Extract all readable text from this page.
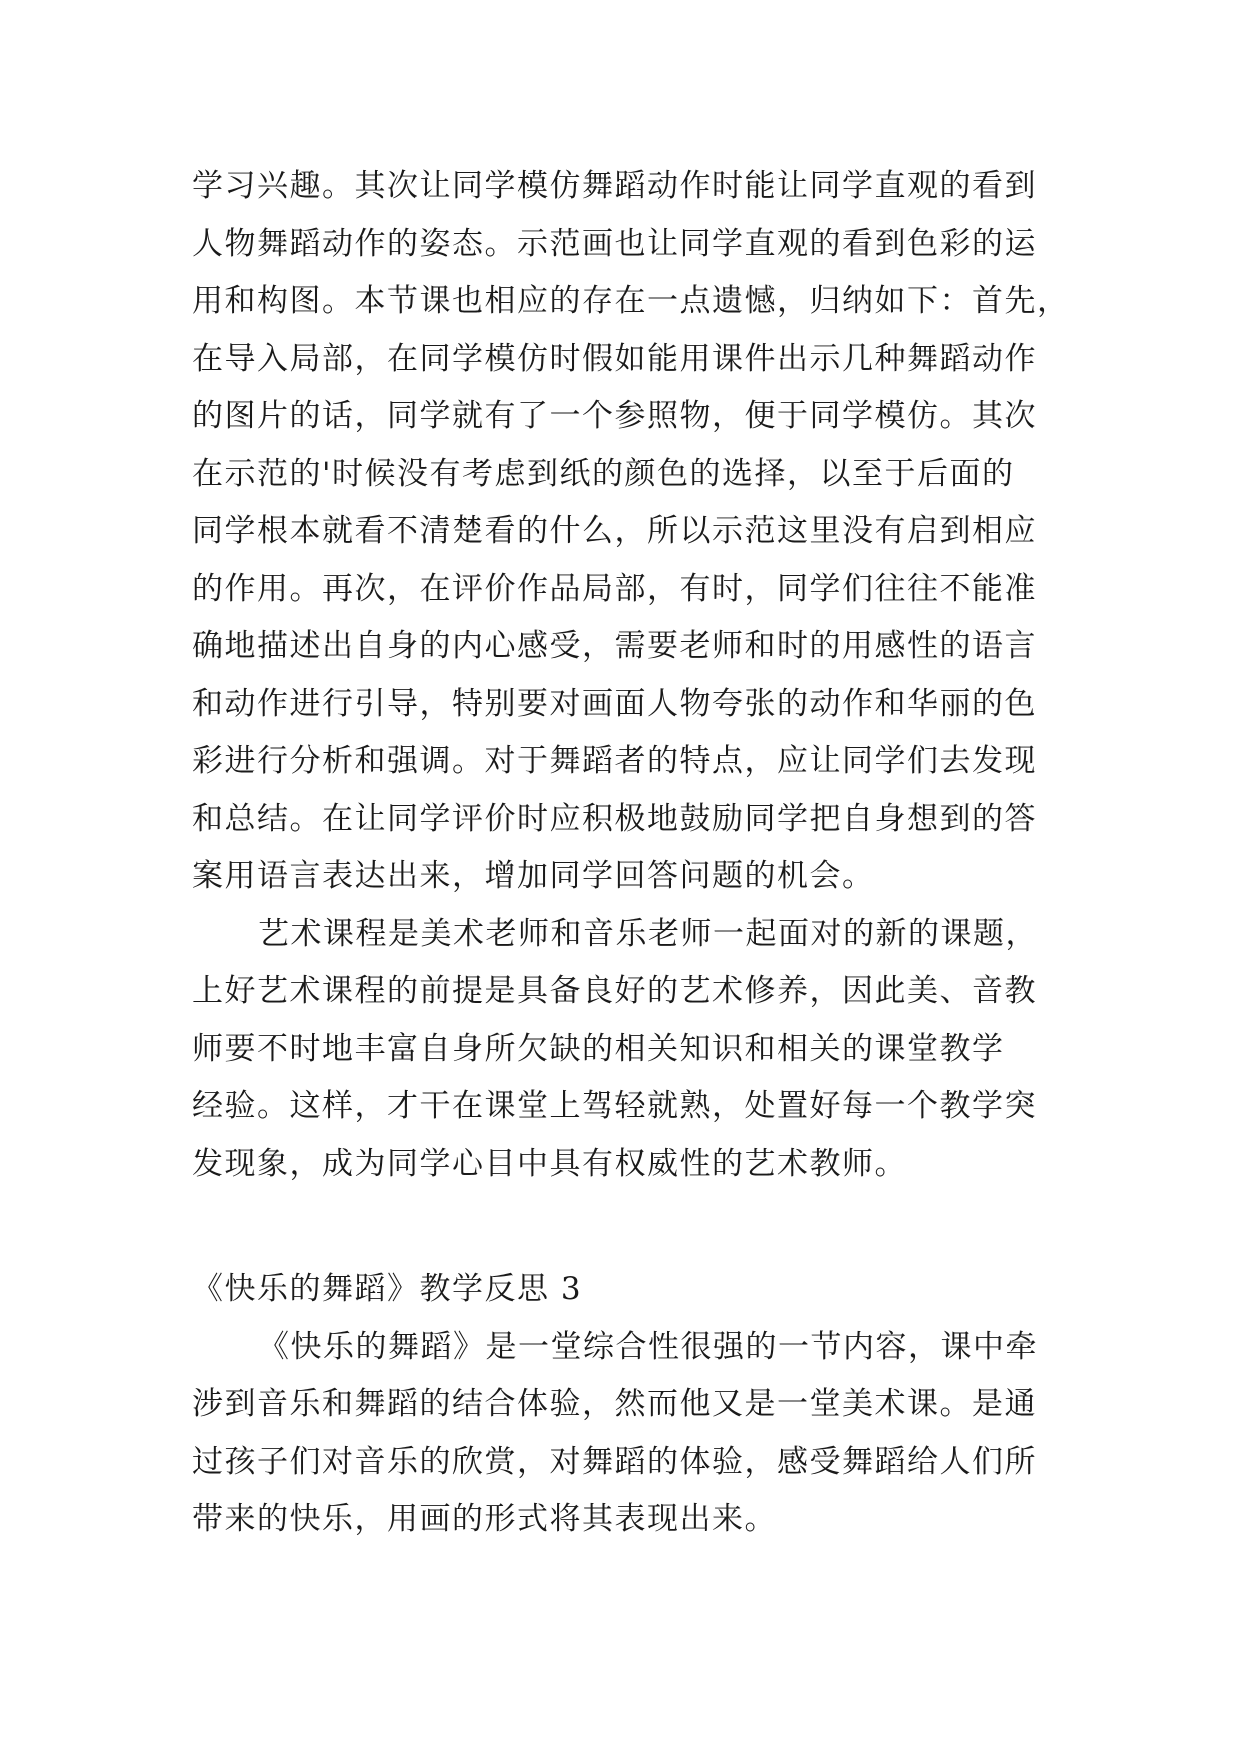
学习兴趣。其次让同学模仿舞蹈动作时能让同学直观的看到
人物舞蹈动作的姿态。示范画也让同学直观的看到色彩的运
用和构图。本节课也相应的存在一点遗憾，归纳如下：首先，
在导入局部，在同学模仿时假如能用课件出示几种舞蹈动作
的图片的话，同学就有了一个参照物，便于同学模仿。其次
在示范的'时候没有考虑到纸的颜色的选择，以至于后面的
同学根本就看不清楚看的什么，所以示范这里没有启到相应
的作用。再次，在评价作品局部，有时，同学们往往不能准
确地描述出自身的内心感受，需要老师和时的用感性的语言
和动作进行引导，特别要对画面人物夸张的动作和华丽的色
彩进行分析和强调。对于舞蹈者的特点，应让同学们去发现
和总结。在让同学评价时应积极地鼓励同学把自身想到的答
案用语言表达出来，增加同学回答问题的机会。
艺术课程是美术老师和音乐老师一起面对的新的课题，
上好艺术课程的前提是具备良好的艺术修养，因此美、音教
师要不时地丰富自身所欠缺的相关知识和相关的课堂教学
经验。这样，才干在课堂上驾轻就熟，处置好每一个教学突
发现象，成为同学心目中具有权威性的艺术教师。
《快乐的舞蹈》教学反思 3
《快乐的舞蹈》是一堂综合性很强的一节内容，课中牵
涉到音乐和舞蹈的结合体验，然而他又是一堂美术课。是通
过孩子们对音乐的欣赏，对舞蹈的体验，感受舞蹈给人们所
带来的快乐，用画的形式将其表现出来。
